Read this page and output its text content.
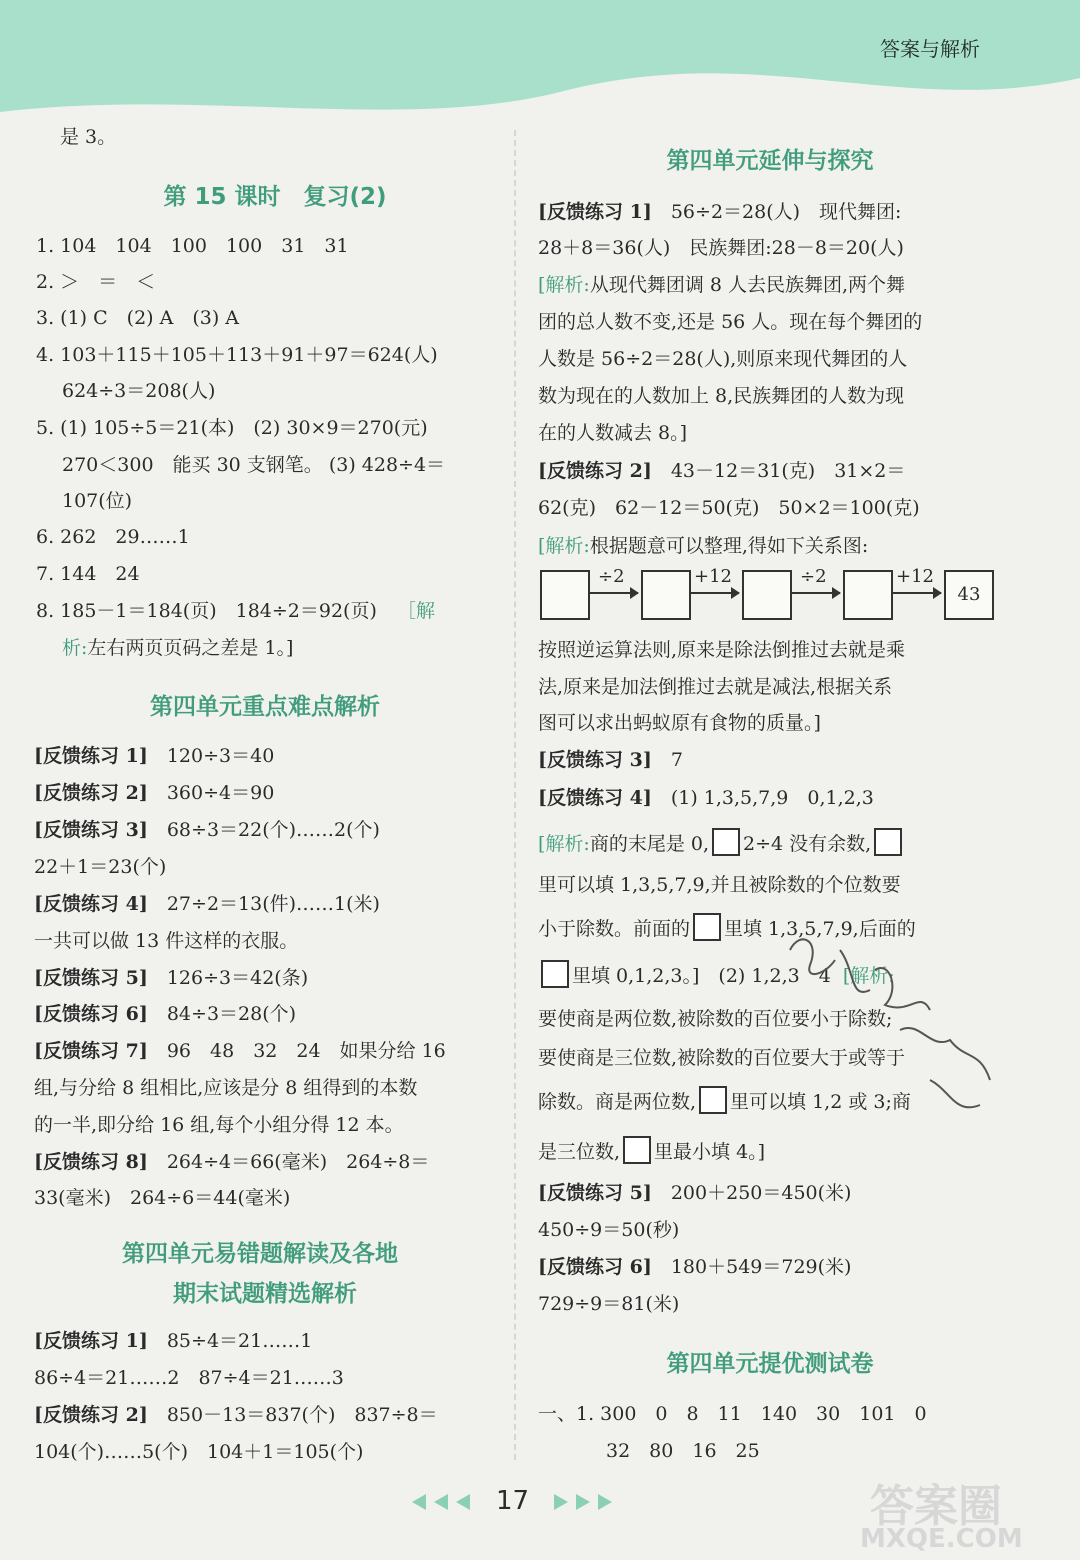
答案与解析
是 3。
第 15 课时　复习(2)
1. 104　104　100　100　31　31
2. ＞　＝　＜
3. (1) C　(2) A　(3) A
4. 103＋115＋105＋113＋91＋97＝624(人)
624÷3＝208(人)
5. (1) 105÷5＝21(本)　(2) 30×9＝270(元)
270＜300　能买 30 支钢笔。 (3) 428÷4＝
107(位)
6. 262　29……1
7. 144　24
8. 185－1＝184(页)　184÷2＝92(页) ［解
析:左右两页页码之差是 1。]
第四单元重点难点解析
[反馈练习 1]　 120÷3＝40
[反馈练习 2]　 360÷4＝90
[反馈练习 3]　 68÷3＝22(个)……2(个)
22＋1＝23(个)
[反馈练习 4]　 27÷2＝13(件)……1(米)
一共可以做 13 件这样的衣服。
[反馈练习 5]　 126÷3＝42(条)
[反馈练习 6]　 84÷3＝28(个)
[反馈练习 7]　 96　48　32　24　如果分给 16
组,与分给 8 组相比,应该是分 8 组得到的本数
的一半,即分给 16 组,每个小组分得 12 本。
[反馈练习 8]　 264÷4＝66(毫米)　264÷8＝
33(毫米)　264÷6＝44(毫米)
第四单元易错题解读及各地
期末试题精选解析
[反馈练习 1]　 85÷4＝21……1
86÷4＝21……2　87÷4＝21……3
[反馈练习 2]　 850－13＝837(个)　837÷8＝
104(个)……5(个)　104＋1＝105(个)
第四单元延伸与探究
[反馈练习 1]　 56÷2＝28(人)　现代舞团:
28＋8＝36(人)　民族舞团:28－8＝20(人)
[解析:从现代舞团调 8 人去民族舞团,两个舞
团的总人数不变,还是 56 人。现在每个舞团的
人数是 56÷2＝28(人),则原来现代舞团的人
数为现在的人数加上 8,民族舞团的人数为现
在的人数减去 8。]
[反馈练习 2]　 43－12＝31(克)　31×2＝
62(克)　62－12＝50(克)　50×2＝100(克)
[解析:根据题意可以整理,得如下关系图:
÷2	+12	÷2	+12
43
按照逆运算法则,原来是除法倒推过去就是乘
法,原来是加法倒推过去就是减法,根据关系
图可以求出蚂蚁原有食物的质量。]
[反馈练习 3]　 7
[反馈练习 4]　 (1) 1,3,5,7,9　0,1,2,3
[解析:商的末尾是 0, 2÷4 没有余数,
里可以填 1,3,5,7,9,并且被除数的个位数要
小于除数。前面的 里填 1,3,5,7,9,后面的
里填 0,1,2,3。]　(2) 1,2,3　4 [解析:
要使商是两位数,被除数的百位要小于除数;
要使商是三位数,被除数的百位要大于或等于
除数。商是两位数, 里可以填 1,2 或 3;商
是三位数, 里最小填 4。]
[反馈练习 5]　 200＋250＝450(米)
450÷9＝50(秒)
[反馈练习 6]　 180＋549＝729(米)
729÷9＝81(米)
第四单元提优测试卷
一、1. 300　0　8　11　140　30　101　0
32　80　16　25
17	答案圈
MXQE.COM
